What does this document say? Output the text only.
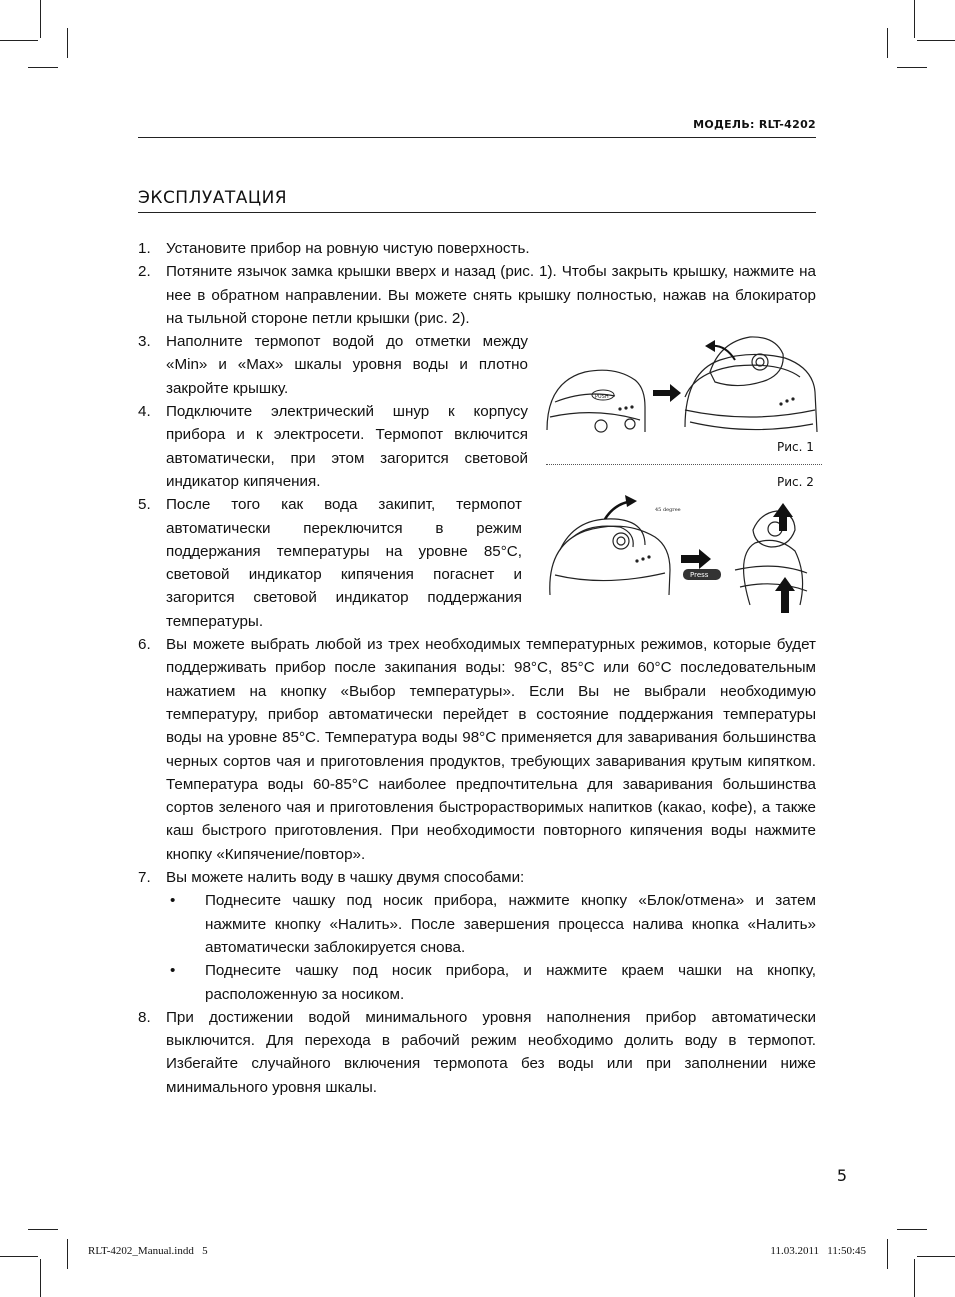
МОДЕЛЬ: RLT-4202
ЭКСПЛУАТАЦИЯ
1. Установите прибор на ровную чистую поверхность.
2. Потяните язычок замка крышки вверх и назад (рис. 1). Чтобы закрыть крышку, нажмите на нее в обратном направлении. Вы можете снять крышку полностью, нажав на блокиратор на тыльной стороне петли крышки (рис. 2).
3. Наполните термопот водой до отметки между «Min» и «Max» шкалы уровня воды и плотно закройте крышку.
4. Подключите электрический шнур к корпусу прибора и к электросети. Термопот включится автоматически, при этом загорится световой индикатор кипячения.
5. После того как вода закипит, термопот автоматически переключится в режим поддержания температуры на уровне 85°С, световой индикатор кипячения погаснет и загорится световой индикатор поддержания температуры.
6. Вы можете выбрать любой из трех необходимых температурных режимов, которые будет поддерживать прибор после закипания воды: 98°С, 85°С или 60°С последовательным нажатием на кнопку «Выбор температуры». Если Вы не выбрали необходимую температуру, прибор автоматически перейдет в состояние поддержания температуры воды на уровне 85°С. Температура воды 98°С применяется для заваривания большинства черных сортов чая и приготовления продуктов, требующих заваривания крутым кипятком. Температура воды 60-85°С наиболее предпочтительна для заваривания большинства сортов зеленого чая и приготовления быстрорастворимых напитков (какао, кофе), а также каш быстрого приготовления. При необходимости повторного кипячения воды нажмите кнопку «Кипячение/повтор».
7. Вы можете налить воду в чашку двумя способами:
• Поднесите чашку под носик прибора, нажмите кнопку «Блок/отмена» и затем нажмите кнопку «Налить». После завершения процесса налива кнопка «Налить» автоматически заблокируется снова.
• Поднесите чашку под носик прибора, и нажмите краем чашки на кнопку, расположенную за носиком.
8. При достижении водой минимального уровня наполнения прибор автоматически выключится. Для перехода в рабочий режим необходимо долить воду в термопот. Избегайте случайного включения термопота без воды или при заполнении ниже минимального уровня шкалы.
PUSH
Рис. 1
Рис. 2
45 degree
Press
5
RLT-4202_Manual.indd   5	11.03.2011   11:50:45
